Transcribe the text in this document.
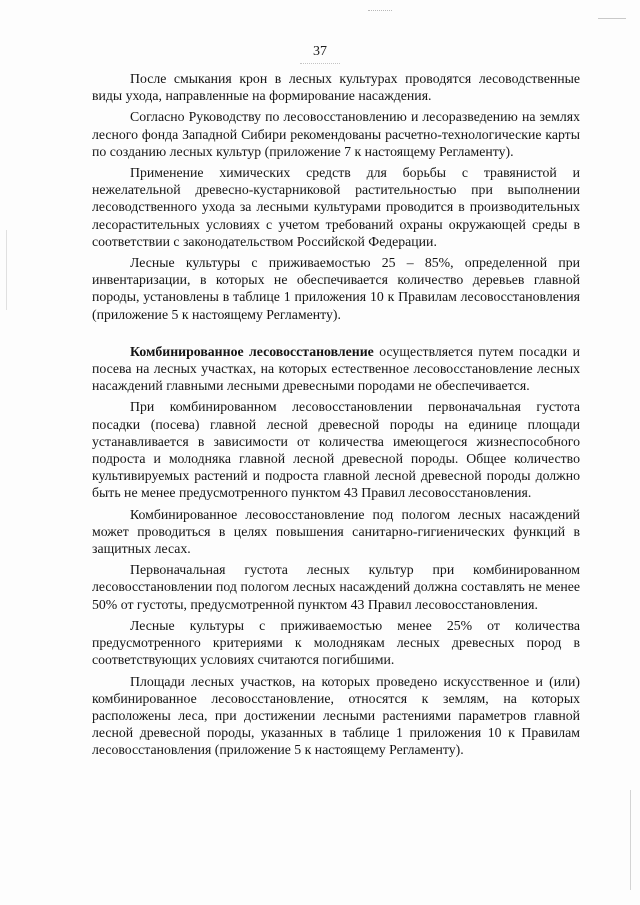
37

После смыкания крон в лесных культурах проводятся лесоводственные виды ухода, направленные на формирование насаждения.

Согласно Руководству по лесовосстановлению и лесоразведению на землях лесного фонда Западной Сибири рекомендованы расчетно-технологические карты по созданию лесных культур (приложение 7 к настоящему Регламенту).

Применение химических средств для борьбы с травянистой и нежелательной древесно-кустарниковой растительностью при выполнении лесоводственного ухода за лесными культурами проводится в производительных лесорастительных условиях с учетом требований охраны окружающей среды в соответствии с законодательством Российской Федерации.

Лесные культуры с приживаемостью 25 – 85%, определенной при инвентаризации, в которых не обеспечивается количество деревьев главной породы, установлены в таблице 1 приложения 10 к Правилам лесовосстановления (приложение 5 к настоящему Регламенту).

Комбинированное лесовосстановление осуществляется путем посадки и посева на лесных участках, на которых естественное лесовосстановление лесных насаждений главными лесными древесными породами не обеспечивается.

При комбинированном лесовосстановлении первоначальная густота посадки (посева) главной лесной древесной породы на единице площади устанавливается в зависимости от количества имеющегося жизнеспособного подроста и молодняка главной лесной древесной породы. Общее количество культивируемых растений и подроста главной лесной древесной породы должно быть не менее предусмотренного пунктом 43 Правил лесовосстановления.

Комбинированное лесовосстановление под пологом лесных насаждений может проводиться в целях повышения санитарно-гигиенических функций в защитных лесах.

Первоначальная густота лесных культур при комбинированном лесовосстановлении под пологом лесных насаждений должна составлять не менее 50% от густоты, предусмотренной пунктом 43 Правил лесовосстановления.

Лесные культуры с приживаемостью менее 25% от количества предусмотренного критериями к молоднякам лесных древесных пород в соответствующих условиях считаются погибшими.

Площади лесных участков, на которых проведено искусственное и (или) комбинированное лесовосстановление, относятся к землям, на которых расположены леса, при достижении лесными растениями параметров главной лесной древесной породы, указанных в таблице 1 приложения 10 к Правилам лесовосстановления (приложение 5 к настоящему Регламенту).
